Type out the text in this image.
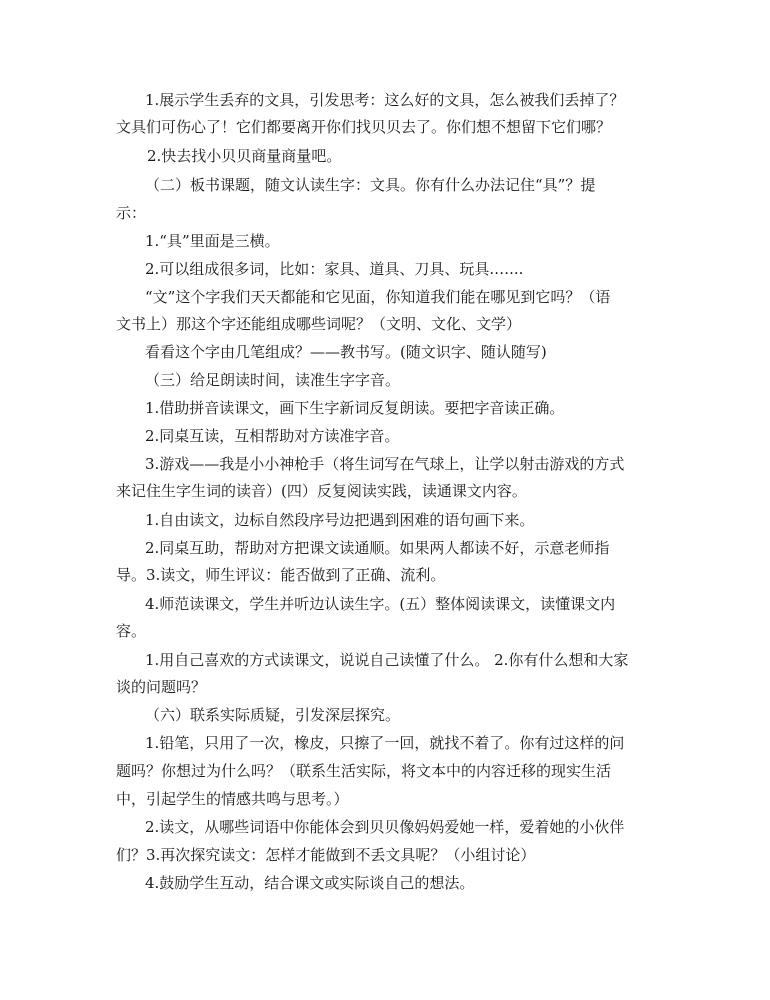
1.展示学生丢弃的文具，引发思考：这么好的文具，怎么被我们丢掉了？

文具们可伤心了！它们都要离开你们找贝贝去了。你们想不想留下它们哪？

2.快去找小贝贝商量商量吧。

（二）板书课题，随文认读生字：文具。你有什么办法记住“具”？提

示：

1.“具”里面是三横。

2.可以组成很多词，比如：家具、道具、刀具、玩具.…...

“文”这个字我们天天都能和它见面，你知道我们能在哪见到它吗？（语

文书上）那这个字还能组成哪些词呢？（文明、文化、文学）

看看这个字由几笔组成？——教书写。(随文识字、随认随写)

（三）给足朗读时间，读准生字字音。

1.借助拼音读课文，画下生字新词反复朗读。要把字音读正确。

2.同桌互读，互相帮助对方读准字音。

3.游戏——我是小小神枪手（将生词写在气球上，让学以射击游戏的方式

来记住生字生词的读音）(四）反复阅读实践，读通课文内容。

1.自由读文，边标自然段序号边把遇到困难的语句画下来。

2.同桌互助，帮助对方把课文读通顺。如果两人都读不好，示意老师指

导。3.读文，师生评议：能否做到了正确、流利。

4.师范读课文，学生并听边认读生字。(五）整体阅读课文，读懂课文内

容。

1.用自己喜欢的方式读课文，说说自己读懂了什么。 2.你有什么想和大家

谈的问题吗？

（六）联系实际质疑，引发深层探究。

1.铅笔，只用了一次，橡皮，只擦了一回，就找不着了。你有过这样的问

题吗？你想过为什么吗？（联系生活实际，将文本中的内容迁移的现实生活

中，引起学生的情感共鸣与思考。）

2.读文，从哪些词语中你能体会到贝贝像妈妈爱她一样，爱着她的小伙伴

们？3.再次探究读文：怎样才能做到不丢文具呢？（小组讨论）

4.鼓励学生互动，结合课文或实际谈自己的想法。
